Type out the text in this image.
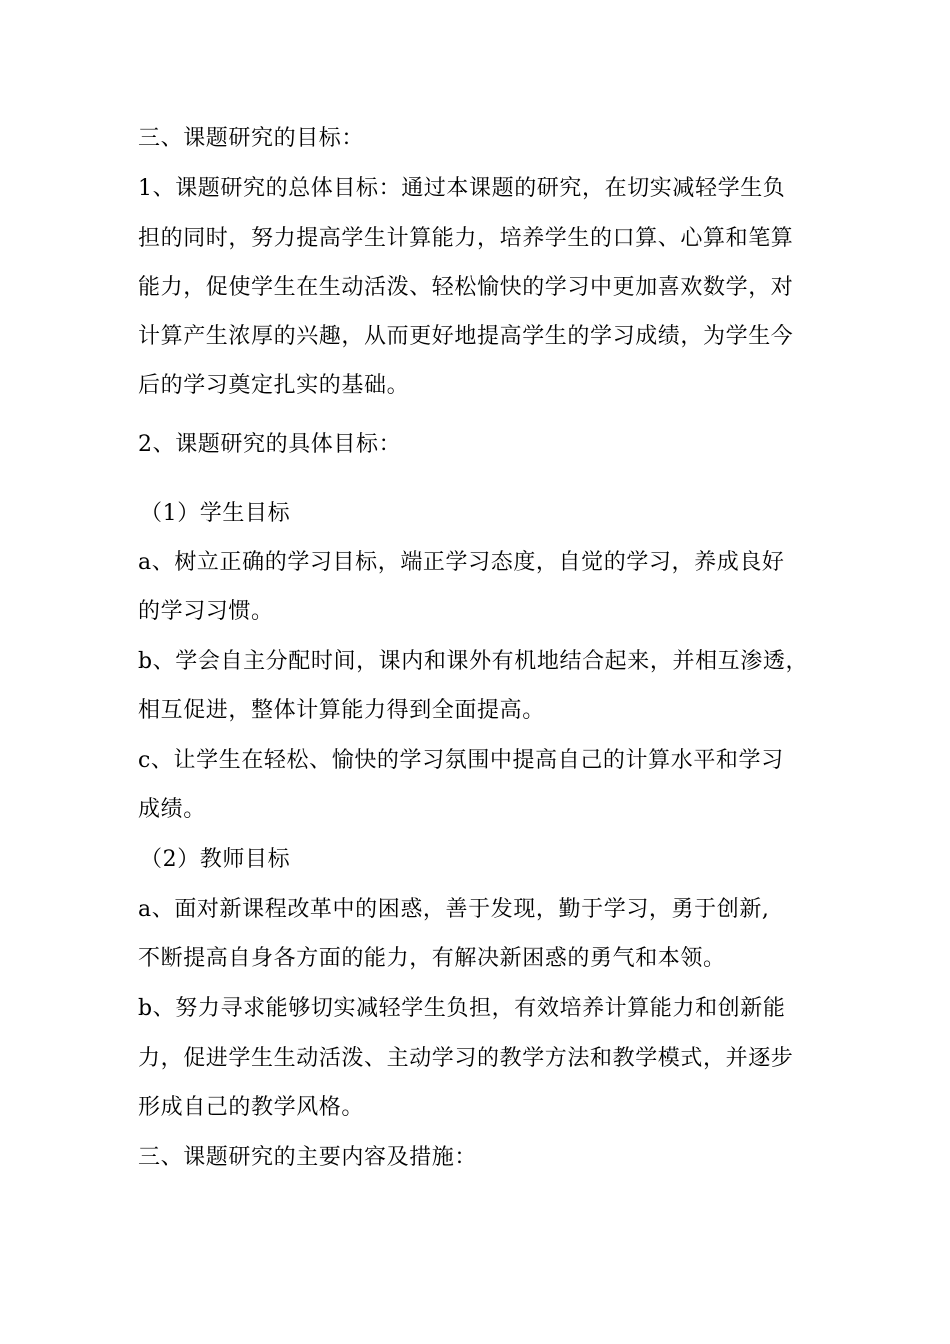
三、课题研究的目标：
1、课题研究的总体目标：通过本课题的研究，在切实减轻学生负
担的同时，努力提高学生计算能力，培养学生的口算、心算和笔算
能力，促使学生在生动活泼、轻松愉快的学习中更加喜欢数学，对
计算产生浓厚的兴趣，从而更好地提高学生的学习成绩，为学生今
后的学习奠定扎实的基础。
2、课题研究的具体目标：
（1）学生目标
a、树立正确的学习目标，端正学习态度，自觉的学习，养成良好
的学习习惯。
b、学会自主分配时间，课内和课外有机地结合起来，并相互渗透，
相互促进，整体计算能力得到全面提高。
c、让学生在轻松、愉快的学习氛围中提高自己的计算水平和学习
成绩。
（2）教师目标
a、面对新课程改革中的困惑，善于发现，勤于学习，勇于创新,
不断提高自身各方面的能力，有解决新困惑的勇气和本领。
b、努力寻求能够切实减轻学生负担，有效培养计算能力和创新能
力，促进学生生动活泼、主动学习的教学方法和教学模式，并逐步
形成自己的教学风格。
三、课题研究的主要内容及措施：
